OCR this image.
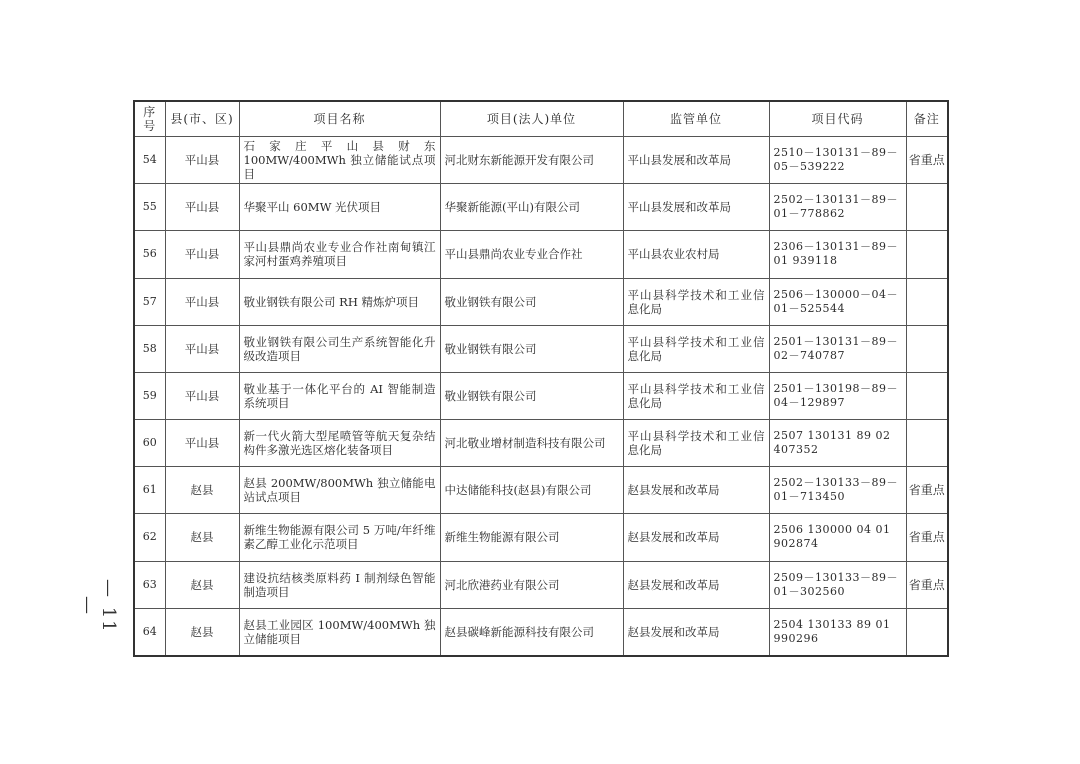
序号	县(市、区)	项目名称	项目(法人)单位	监管单位	项目代码	备注
54	平山县	石家庄平山县财东 100MW/400MWh 独立储能试点项目	河北财东新能源开发有限公司	平山县发展和改革局	2510－130131－89－05－539222	省重点
55	平山县	华聚平山 60MW 光伏项目	华聚新能源(平山)有限公司	平山县发展和改革局	2502－130131－89－01－778862	
56	平山县	平山县鼎尚农业专业合作社南甸镇江家河村蛋鸡养殖项目	平山县鼎尚农业专业合作社	平山县农业农村局	2306－130131－89－01 939118	
57	平山县	敬业钢铁有限公司 RH 精炼炉项目	敬业钢铁有限公司	平山县科学技术和工业信息化局	2506－130000－04－01－525544	
58	平山县	敬业钢铁有限公司生产系统智能化升级改造项目	敬业钢铁有限公司	平山县科学技术和工业信息化局	2501－130131－89－02－740787	
59	平山县	敬业基于一体化平台的 AI 智能制造系统项目	敬业钢铁有限公司	平山县科学技术和工业信息化局	2501－130198－89－04－129897	
60	平山县	新一代火箭大型尾喷管等航天复杂结构件多激光选区熔化装备项目	河北敬业增材制造科技有限公司	平山县科学技术和工业信息化局	2507 130131 89 02 407352	
61	赵县	赵县 200MW/800MWh 独立储能电站试点项目	中达储能科技(赵县)有限公司	赵县发展和改革局	2502－130133－89－01－713450	省重点
62	赵县	新维生物能源有限公司 5 万吨/年纤维素乙醇工业化示范项目	新维生物能源有限公司	赵县发展和改革局	2506 130000 04 01 902874	省重点
63	赵县	建设抗结核类原料药 I 制剂绿色智能制造项目	河北欣港药业有限公司	赵县发展和改革局	2509－130133－89－01－302560	省重点
64	赵县	赵县工业园区 100MW/400MWh 独立储能项目	赵县碳峰新能源科技有限公司	赵县发展和改革局	2504 130133 89 01 990296	
— 11 —
